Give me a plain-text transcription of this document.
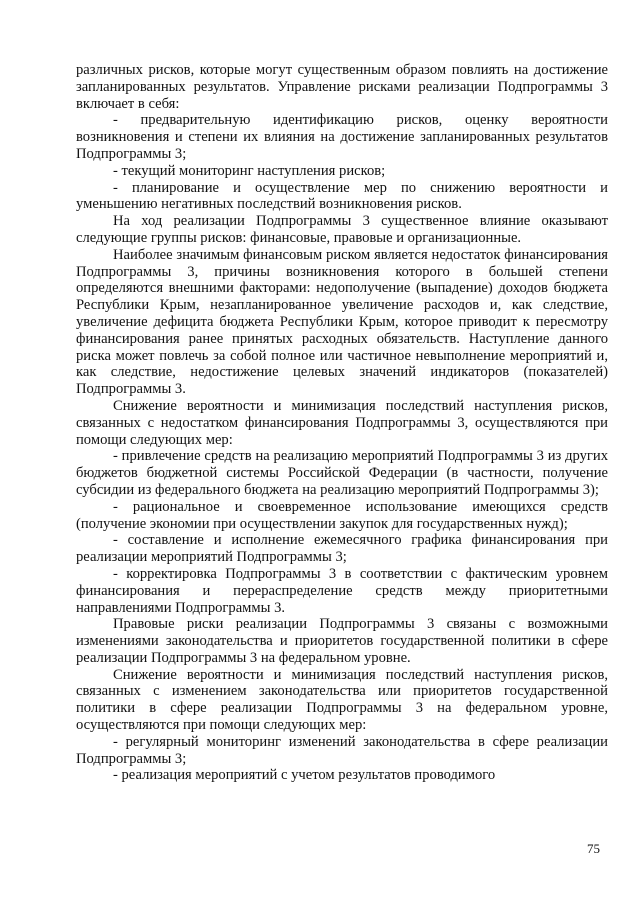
различных рисков, которые могут существенным образом повлиять на достижение запланированных результатов. Управление рисками реализации Подпрограммы 3 включает в себя:

- предварительную идентификацию рисков, оценку вероятности возникновения и степени их влияния на достижение запланированных результатов Подпрограммы 3;

- текущий мониторинг наступления рисков;

- планирование и осуществление мер по снижению вероятности и уменьшению негативных последствий возникновения рисков.

На ход реализации Подпрограммы 3 существенное влияние оказывают следующие группы рисков: финансовые, правовые и организационные.

Наиболее значимым финансовым риском является недостаток финансирования Подпрограммы 3, причины возникновения которого в большей степени определяются внешними факторами: недополучение (выпадение) доходов бюджета Республики Крым, незапланированное увеличение расходов и, как следствие, увеличение дефицита бюджета Республики Крым, которое приводит к пересмотру финансирования ранее принятых расходных обязательств. Наступление данного риска может повлечь за собой полное или частичное невыполнение мероприятий и, как следствие, недостижение целевых значений индикаторов (показателей) Подпрограммы 3.

Снижение вероятности и минимизация последствий наступления рисков, связанных с недостатком финансирования Подпрограммы 3, осуществляются при помощи следующих мер:

- привлечение средств на реализацию мероприятий Подпрограммы 3 из других бюджетов бюджетной системы Российской Федерации (в частности, получение субсидии из федерального бюджета на реализацию мероприятий Подпрограммы 3);

- рациональное и своевременное использование имеющихся средств (получение экономии при осуществлении закупок для государственных нужд);

- составление и исполнение ежемесячного графика финансирования при реализации мероприятий Подпрограммы 3;

- корректировка Подпрограммы 3 в соответствии с фактическим уровнем финансирования и перераспределение средств между приоритетными направлениями Подпрограммы 3.

Правовые риски реализации Подпрограммы 3 связаны с возможными изменениями законодательства и приоритетов государственной политики в сфере реализации Подпрограммы 3 на федеральном уровне.

Снижение вероятности и минимизация последствий наступления рисков, связанных с изменением законодательства или приоритетов государственной политики в сфере реализации Подпрограммы 3 на федеральном уровне, осуществляются при помощи следующих мер:

- регулярный мониторинг изменений законодательства в сфере реализации Подпрограммы 3;

- реализация мероприятий с учетом результатов проводимого

75
